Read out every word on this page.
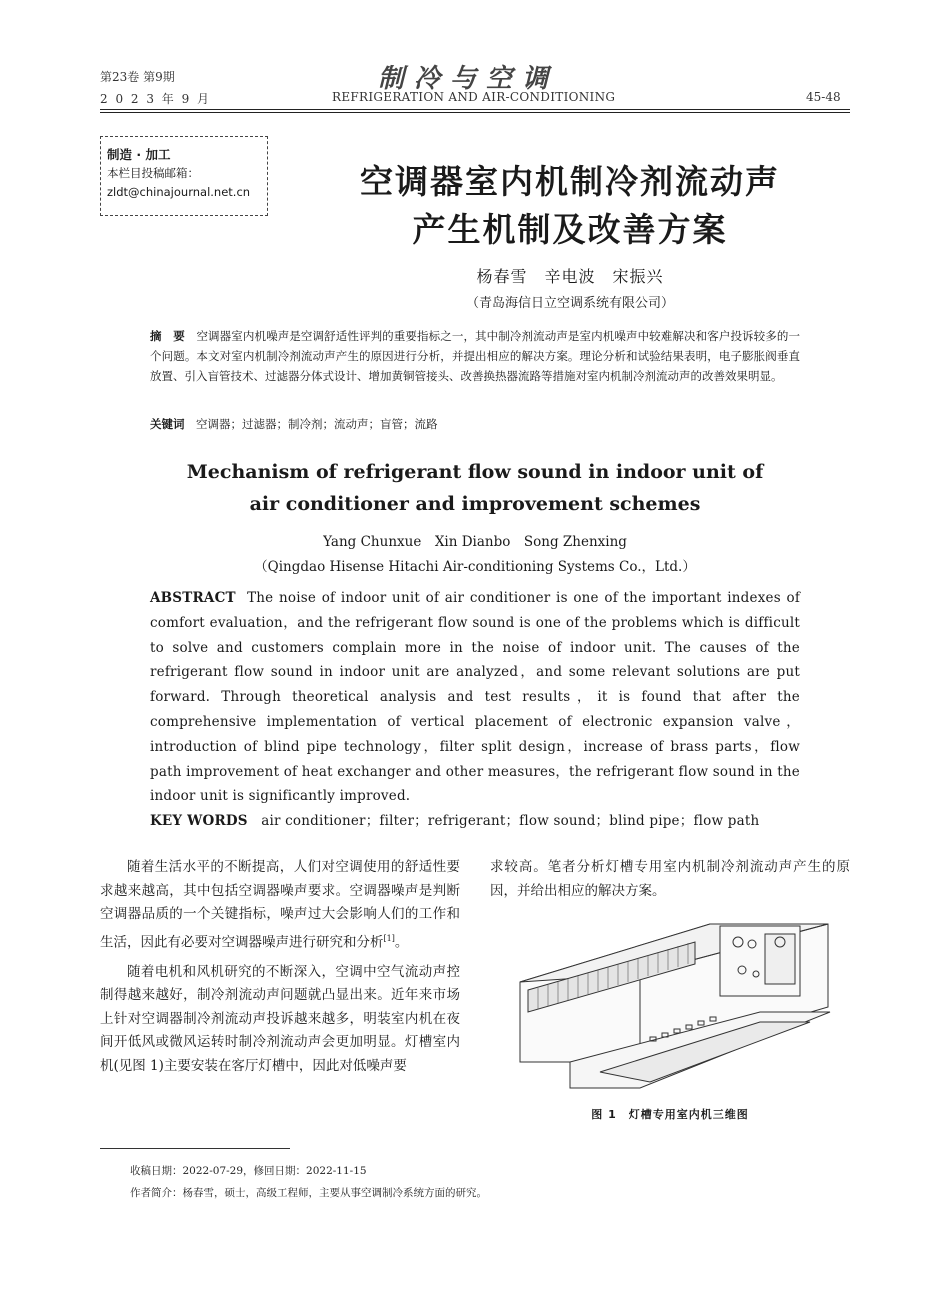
第23卷 第9期
2 0 2 3 年 9 月
制冷与空调
REFRIGERATION AND AIR-CONDITIONING	45-48
制造 · 加工
本栏目投稿邮箱：
zldt@chinajournal.net.cn	空调器室内机制冷剂流动声
产生机制及改善方案
杨春雪　辛电波　宋振兴
（青岛海信日立空调系统有限公司）
摘　要　 空调器室内机噪声是空调舒适性评判的重要指标之一，其中制冷剂流动声是室内机噪声中较难解决和客户投诉较多的一个问题。本文对室内机制冷剂流动声产生的原因进行分析，并提出相应的解决方案。理论分析和试验结果表明，电子膨胀阀垂直放置、引入盲管技术、过滤器分体式设计、增加黄铜管接头、改善换热器流路等措施对室内机制冷剂流动声的改善效果明显。
关键词　 空调器；过滤器；制冷剂；流动声；盲管；流路
Mechanism of refrigerant flow sound in indoor unit of
air conditioner and improvement schemes
Yang Chunxue　Xin Dianbo　Song Zhenxing
（Qingdao Hisense Hitachi Air-conditioning Systems Co.，Ltd.）
ABSTRACT The noise of indoor unit of air conditioner is one of the important indexes of comfort evaluation，and the refrigerant flow sound is one of the problems which is difficult to solve and customers complain more in the noise of indoor unit. The causes of the refrigerant flow sound in indoor unit are analyzed，and some relevant solutions are put forward. Through theoretical analysis and test results，it is found that after the comprehensive implementation of vertical placement of electronic expansion valve，introduction of blind pipe technology，filter split design，increase of brass parts，flow path improvement of heat exchanger and other measures，the refrigerant flow sound in the indoor unit is significantly improved.
KEY WORDS air conditioner；filter；refrigerant；flow sound；blind pipe；flow path

随着生活水平的不断提高，人们对空调使用的舒适性要求越来越高，其中包括空调器噪声要求。空调器噪声是判断空调器品质的一个关键指标，噪声过大会影响人们的工作和生活，因此有必要对空调器噪声进行研究和分析[1]。

随着电机和风机研究的不断深入，空调中空气流动声控制得越来越好，制冷剂流动声问题就凸显出来。近年来市场上针对空调器制冷剂流动声投诉越来越多，明装室内机在夜间开低风或微风运转时制冷剂流动声会更加明显。灯槽室内机(见图 1)主要安装在客厅灯槽中，因此对低噪声要

求较高。笔者分析灯槽专用室内机制冷剂流动声产生的原因，并给出相应的解决方案。

图 1　灯槽专用室内机三维图
收稿日期：2022-07-29，修回日期：2022-11-15
作者简介：杨春雪，硕士，高级工程师，主要从事空调制冷系统方面的研究。
